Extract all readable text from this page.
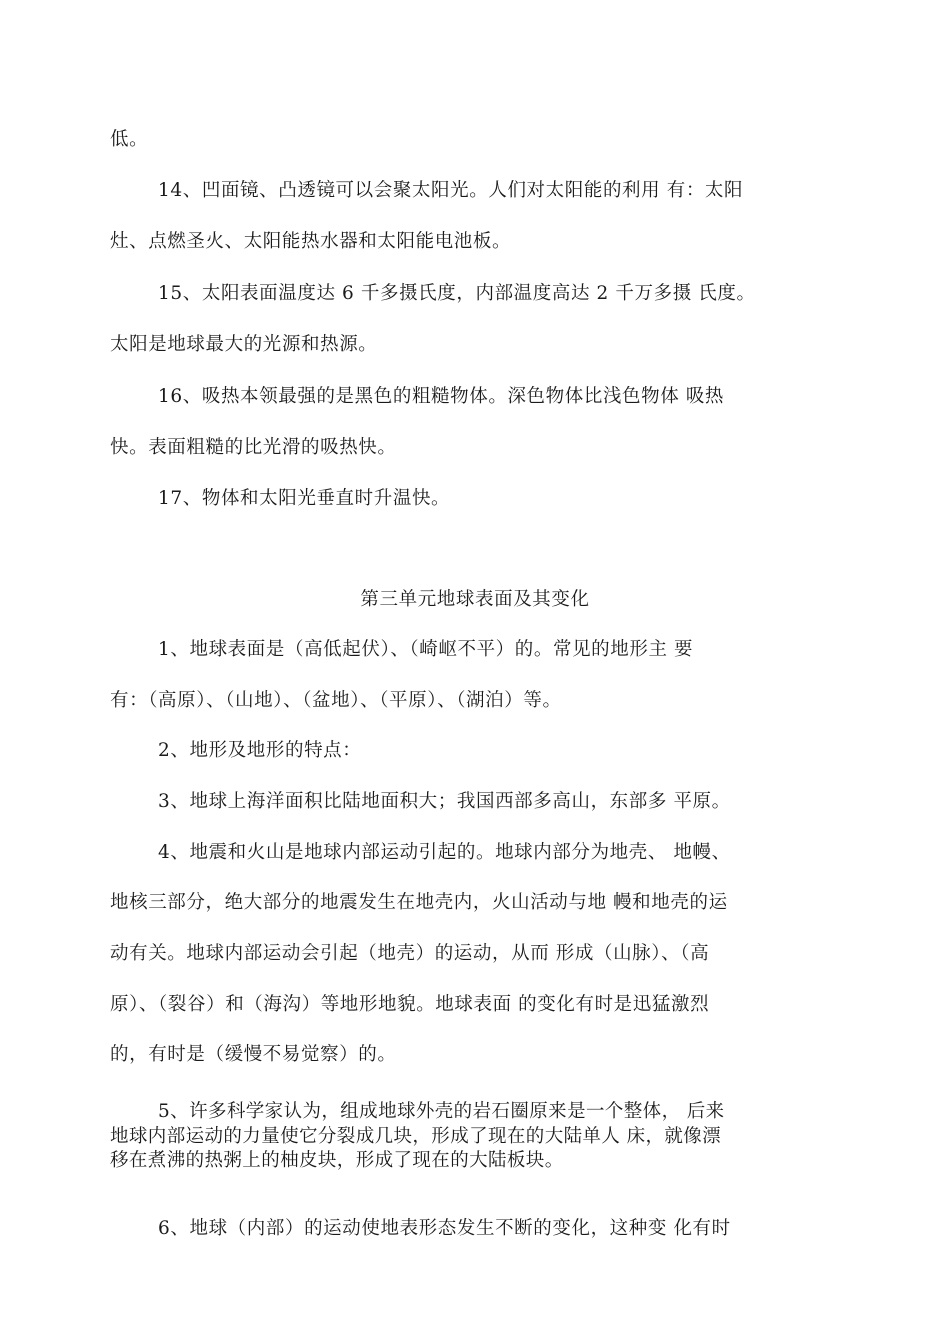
低。
14、凹面镜、凸透镜可以会聚太阳光。人们对太阳能的利用 有：太阳
灶、点燃圣火、太阳能热水器和太阳能电池板。
15、太阳表面温度达 6 千多摄氏度，内部温度高达 2 千万多摄 氏度。
太阳是地球最大的光源和热源。
16、吸热本领最强的是黑色的粗糙物体。深色物体比浅色物体 吸热
快。表面粗糙的比光滑的吸热快。
17、物体和太阳光垂直时升温快。
第三单元地球表面及其变化
1、地球表面是（高低起伏）、（崎岖不平）的。常见的地形主 要
有：（高原）、（山地）、（盆地）、（平原）、（湖泊）等。
2、地形及地形的特点：
3、地球上海洋面积比陆地面积大；我国西部多高山，东部多 平原。
4、地震和火山是地球内部运动引起的。地球内部分为地壳、 地幔、
地核三部分，绝大部分的地震发生在地壳内，火山活动与地 幔和地壳的运
动有关。地球内部运动会引起（地壳）的运动，从而 形成（山脉）、（高
原）、（裂谷）和（海沟）等地形地貌。地球表面 的变化有时是迅猛激烈
的，有时是（缓慢不易觉察）的。
5、许多科学家认为，组成地球外壳的岩石圈原来是一个整体， 后来
地球内部运动的力量使它分裂成几块，形成了现在的大陆单人 床，就像漂
移在煮沸的热粥上的柚皮块，形成了现在的大陆板块。
6、地球（内部）的运动使地表形态发生不断的变化，这种变 化有时
